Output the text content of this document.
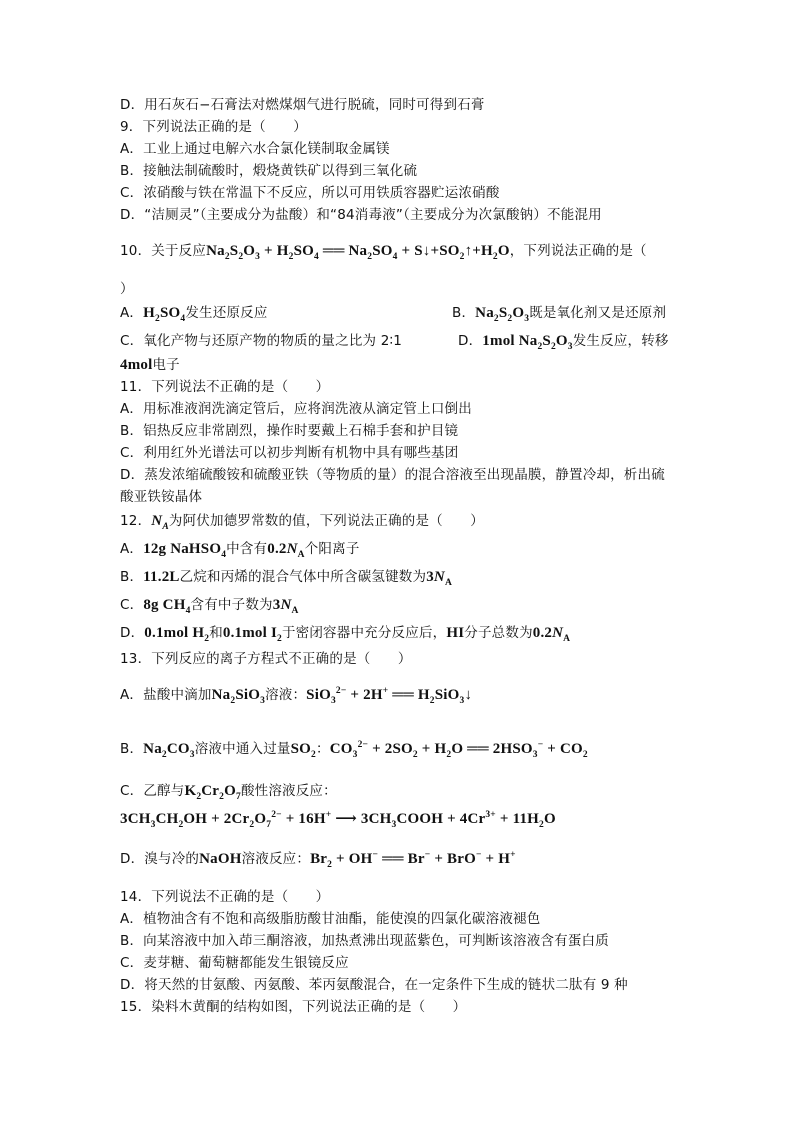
D．用石灰石−石膏法对燃煤烟气进行脱硫，同时可得到石膏
9．下列说法正确的是（　　）
A．工业上通过电解六水合氯化镁制取金属镁
B．接触法制硫酸时，煅烧黄铁矿以得到三氧化硫
C．浓硝酸与铁在常温下不反应，所以可用铁质容器贮运浓硝酸
D．“洁厕灵”（主要成分为盐酸）和“84消毒液”（主要成分为次氯酸钠）不能混用
10．关于反应$Na_2S_2O_3 + H_2SO_4$ ══ $Na_2SO_4$ + $S↓+SO_2↑+H_2O$，下列说法正确的是（
）
A．$H_2SO_4$发生还原反应	B．$Na_2S_2O_3$既是氧化剂又是还原剂
C．氧化产物与还原产物的物质的量之比为 2∶1	D．1mol $Na_2S_2O_3$发生反应，转移
4mol电子
11．下列说法不正确的是（　　）
A．用标准液润洗滴定管后，应将润洗液从滴定管上口倒出
B．铝热反应非常剧烈，操作时要戴上石棉手套和护目镜
C．利用红外光谱法可以初步判断有机物中具有哪些基团
D．蒸发浓缩硫酸铵和硫酸亚铁（等物质的量）的混合溶液至出现晶膜，静置冷却，析出硫
酸亚铁铵晶体
12．$N_A$为阿伏加德罗常数的值，下列说法正确的是（　　）
A．12g NaHSO$_4$中含有$0.2N_A$个阳离子
B．11.2L乙烷和丙烯的混合气体中所含碳氢键数为$3N_A$
C．8g $CH_4$含有中子数为$3N_A$
D．0.1mol $H_2$和0.1mol $I_2$于密闭容器中充分反应后，HI分子总数为$0.2N_A$
13．下列反应的离子方程式不正确的是（　　）
A．盐酸中滴加$Na_2SiO_3$溶液：SiO$_3^{2-}$ + 2H+ ══ $H_2SiO_3↓$
B．$Na_2CO_3$溶液中通入过量$SO_2$：$CO_3^{2-} + 2SO_2 + H_2O$ ══ $2HSO_3^- + CO_2$
C．乙醇与$K_2Cr_2O_7$酸性溶液反应：
$3CH_3CH_2OH + 2Cr_2O_7^{2-} + 16H^+$ ⟶ $3CH_3COOH + 4Cr^{3+} + 11H_2O$
D．溴与冷的NaOH溶液反应：$Br_2 + OH^-$ ══ Br− + BrO− + H+
14．下列说法不正确的是（　　）
A．植物油含有不饱和高级脂肪酸甘油酯，能使溴的四氯化碳溶液褪色
B．向某溶液中加入茚三酮溶液，加热煮沸出现蓝紫色，可判断该溶液含有蛋白质
C．麦芽糖、葡萄糖都能发生银镜反应
D．将天然的甘氨酸、丙氨酸、苯丙氨酸混合，在一定条件下生成的链状二肽有 9 种
15．染料木黄酮的结构如图，下列说法正确的是（　　）
